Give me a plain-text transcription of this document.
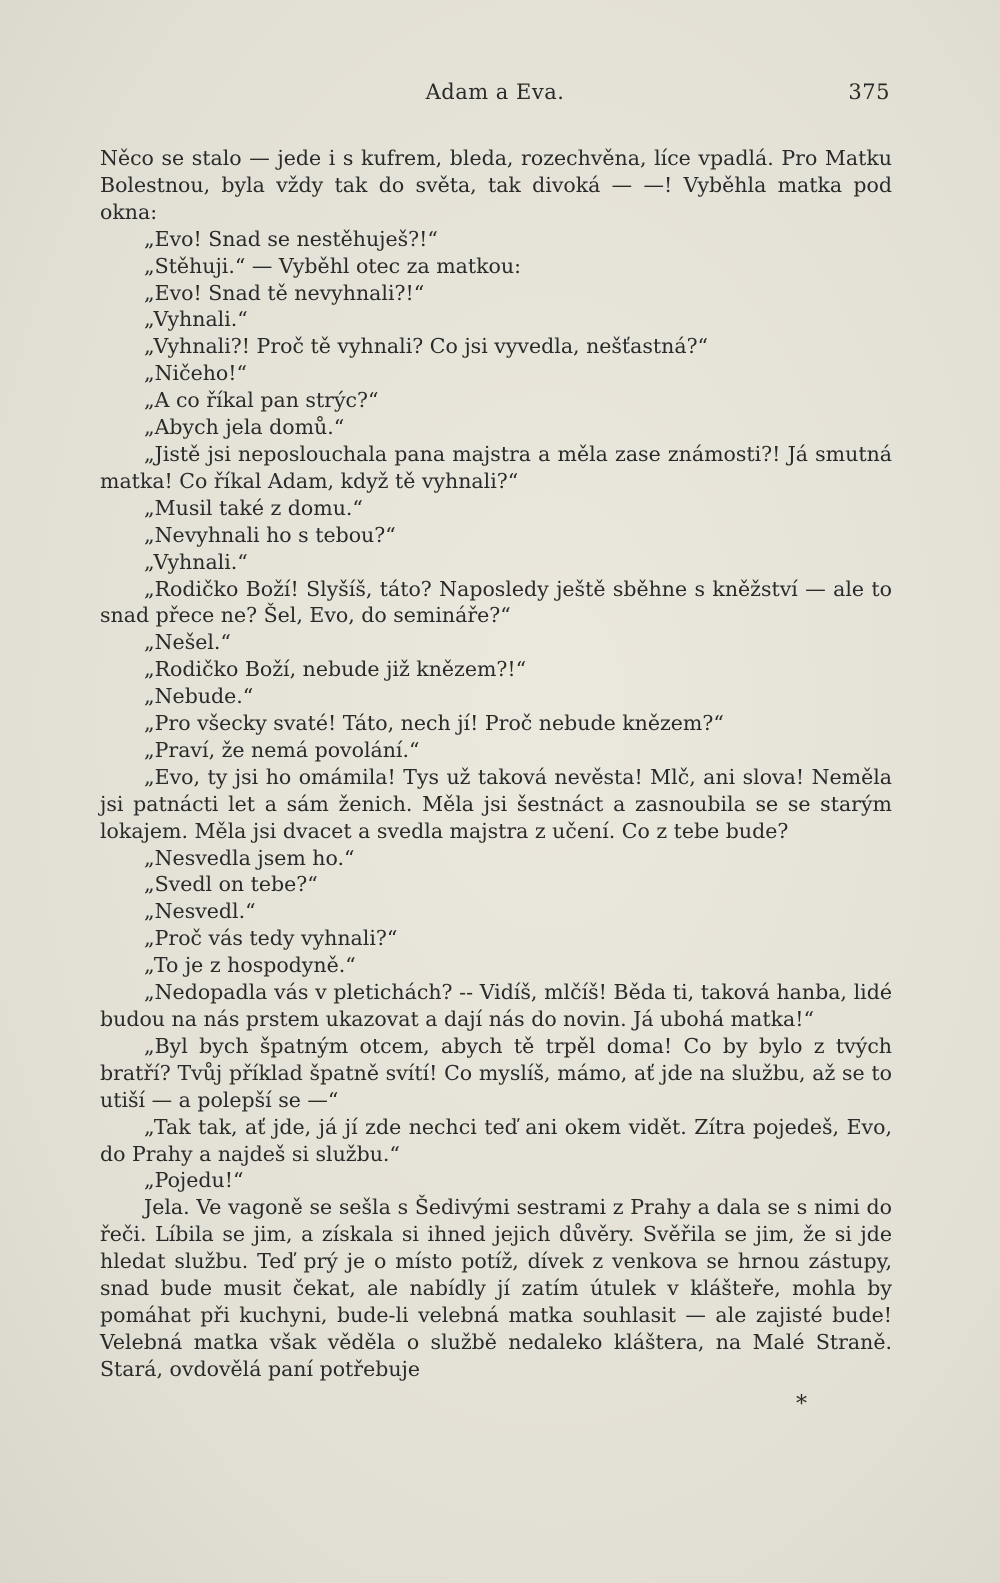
Adam a Eva.	375

Něco se stalo — jede i s kufrem, bleda, rozechvěna, líce vpadlá. Pro Matku Bolestnou, byla vždy tak do světa, tak divoká — —! Vyběhla matka pod okna:

„Evo! Snad se nestěhuješ?!“

„Stěhuji.“ — Vyběhl otec za matkou:

„Evo! Snad tě nevyhnali?!“

„Vyhnali.“

„Vyhnali?! Proč tě vyhnali? Co jsi vyvedla, nešťastná?“

„Ničeho!“

„A co říkal pan strýc?“

„Abych jela domů.“

„Jistě jsi neposlouchala pana majstra a měla zase známosti?! Já smutná matka! Co říkal Adam, když tě vyhnali?“

„Musil také z domu.“

„Nevyhnali ho s tebou?“

„Vyhnali.“

„Rodičko Boží! Slyšíš, táto? Naposledy ještě sběhne s kněžství — ale to snad přece ne? Šel, Evo, do semináře?“

„Nešel.“

„Rodičko Boží, nebude již knězem?!“

„Nebude.“

„Pro všecky svaté! Táto, nech jí! Proč nebude knězem?“

„Praví, že nemá povolání.“

„Evo, ty jsi ho omámila! Tys už taková nevěsta! Mlč, ani slova! Neměla jsi patnácti let a sám ženich. Měla jsi šestnáct a zasnoubila se se starým lokajem. Měla jsi dvacet a svedla majstra z učení. Co z tebe bude?

„Nesvedla jsem ho.“

„Svedl on tebe?“

„Nesvedl.“

„Proč vás tedy vyhnali?“

„To je z hospodyně.“

„Nedopadla vás v pletichách? -- Vidíš, mlčíš! Běda ti, taková hanba, lidé budou na nás prstem ukazovat a dají nás do novin. Já ubohá matka!“

„Byl bych špatným otcem, abych tě trpěl doma! Co by bylo z tvých bratří? Tvůj příklad špatně svítí! Co myslíš, mámo, ať jde na službu, až se to utiší — a polepší se —“

„Tak tak, ať jde, já jí zde nechci teď ani okem vidět. Zítra pojedeš, Evo, do Prahy a najdeš si službu.“

„Pojedu!“

Jela. Ve vagoně se sešla s Šedivými sestrami z Prahy a dala se s nimi do řeči. Líbila se jim, a získala si ihned jejich důvěry. Svěřila se jim, že si jde hledat službu. Teď prý je o místo potíž, dívek z venkova se hrnou zástupy, snad bude musit čekat, ale nabídly jí zatím útulek v klášteře, mohla by pomáhat při kuchyni, bude-li velebná matka souhlasit — ale zajisté bude! Velebná matka však věděla o službě nedaleko kláštera, na Malé Straně. Stará, ovdovělá paní potřebuje

*
